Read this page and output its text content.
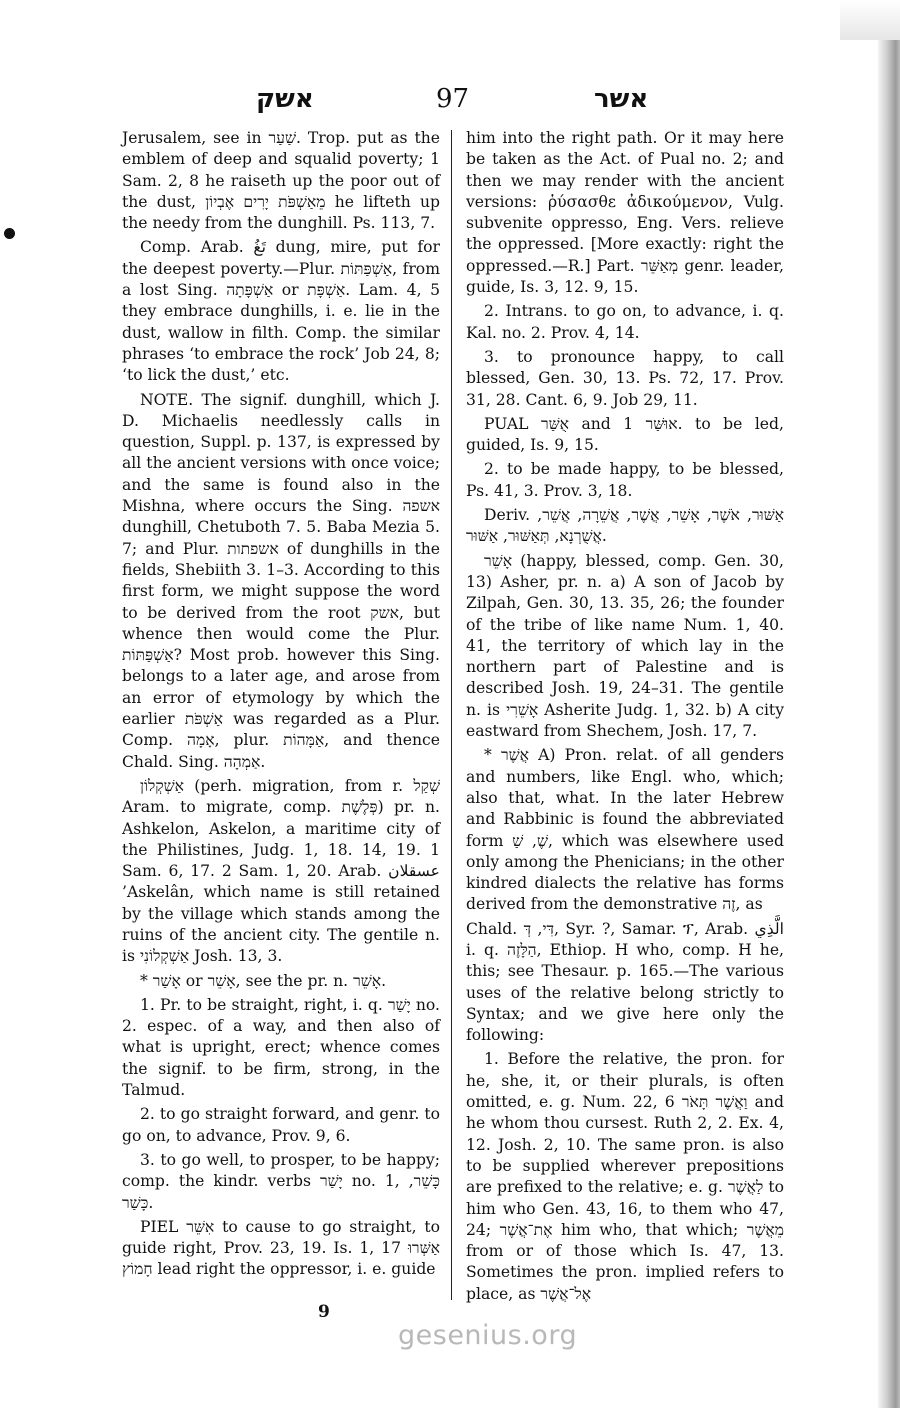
אשק	97	אשר

Jerusalem, see in שַׁעַר. Trop. put as the emblem of deep and squalid poverty; 1 Sam. 2, 8 he raiseth up the poor out of the dust, מֵאַשְׁפֹּת יָרִים אֶבְיוֹן he lifteth up the needy from the dunghill. Ps. 113, 7.

Comp. Arab. تَغُ dung, mire, put for the deepest poverty.—Plur. אַשְׁפַּתּוֹת, from a lost Sing. אַשְׁפָּתָה or אַשְׁפָּת. Lam. 4, 5 they embrace dunghills, i. e. lie in the dust, wallow in filth. Comp. the similar phrases ‘to embrace the rock’ Job 24, 8; ‘to lick the dust,’ etc.

NOTE. The signif. dunghill, which J. D. Michaelis needlessly calls in question, Suppl. p. 137, is expressed by all the ancient versions with once voice; and the same is found also in the Mishna, where occurs the Sing. אשפה dunghill, Chetuboth 7. 5. Baba Mezia 5. 7; and Plur. אשפתות of dunghills in the fields, Shebiith 3. 1–3. According to this first form, we might suppose the word to be derived from the root אשק, but whence then would come the Plur. אַשְׁפַּתּוֹת? Most prob. however this Sing. belongs to a later age, and arose from an error of etymology by which the earlier אַשְׁפֹּת was regarded as a Plur. Comp. אָמָה, plur. אַמָּהוֹת, and thence Chald. Sing. אַמְהָה.

אַשְׁקְלוֹן (perh. migration, from r. שְׁקַל Aram. to migrate, comp. פְּלֶשֶׁת) pr. n. Ashkelon, Askelon, a maritime city of the Philistines, Judg. 1, 18. 14, 19. 1 Sam. 6, 17. 2 Sam. 1, 20. Arab. عسقلان ’Askelân, which name is still retained by the village which stands among the ruins of the ancient city. The gentile n. is אַשְׁקְלוֹנִי Josh. 13, 3.

* אָשַׁר or אָשֵׁר, see the pr. n. אָשֵׁר.

1. Pr. to be straight, right, i. q. יָשַׁר no. 2. espec. of a way, and then also of what is upright, erect; whence comes the signif. to be firm, strong, in the Talmud.

2. to go straight forward, and genr. to go on, to advance, Prov. 9, 6.

3. to go well, to prosper, to be happy; comp. the kindr. verbs יָשַׁר no. 1, כָּשֵׁר, כָּשַׁר.

PIEL אִשֵּׁר to cause to go straight, to guide right, Prov. 23, 19. Is. 1, 17 אַשְּׁרוּ חָמוֹץ lead right the oppressor, i. e. guide

him into the right path. Or it may here be taken as the Act. of Pual no. 2; and then we may render with the ancient versions: ῥύσασθε ἀδικούμενον, Vulg. subvenite oppresso, Eng. Vers. relieve the oppressed. [More exactly: right the oppressed.—R.] Part. מְאַשֵּׁר genr. leader, guide, Is. 3, 12. 9, 15.

2. Intrans. to go on, to advance, i. q. Kal. no. 2. Prov. 4, 14.

3. to pronounce happy, to call blessed, Gen. 30, 13. Ps. 72, 17. Prov. 31, 28. Cant. 6, 9. Job 29, 11.

PUAL אֻשַּׁר and אוּשַּׁר 1. to be led, guided, Is. 9, 15.

2. to be made happy, to be blessed, Ps. 41, 3. Prov. 3, 18.

Deriv. אַשּׁוּר, אֹשֶׁר, אָשֵׁר, אֲשֶׁר, אֲשֵׁרָה, אֲשֵׁר, אֲשֻׁרְנָא, תְּאַשּׁוּר, אַשּׁוּר.

אָשֵׁר (happy, blessed, comp. Gen. 30, 13) Asher, pr. n. a) A son of Jacob by Zilpah, Gen. 30, 13. 35, 26; the founder of the tribe of like name Num. 1, 40. 41, the territory of which lay in the northern part of Palestine and is described Josh. 19, 24–31. The gentile n. is אָשֵׁרִי Asherite Judg. 1, 32. b) A city eastward from Shechem, Josh. 17, 7.

* אֲשֶׁר A) Pron. relat. of all genders and numbers, like Engl. who, which; also that, what. In the later Hebrew and Rabbinic is found the abbreviated form שֶׁ, שַׁ, which was elsewhere used only among the Phenicians; in the other kindred dialects the relative has forms derived from the demonstrative זֶה, as

Chald. דִּי, דְּ, Syr. ?, Samar. ፕ, Arab. الَّذِي i. q. הַלָּזֶה, Ethiop. H who, comp. H he, this; see Thesaur. p. 165.—The various uses of the relative belong strictly to Syntax; and we give here only the following:

1. Before the relative, the pron. for he, she, it, or their plurals, is often omitted, e. g. Num. 22, 6 וַאֲשֶׁר תָּאֹר and he whom thou cursest. Ruth 2, 2. Ex. 4, 12. Josh. 2, 10. The same pron. is also to be supplied wherever prepositions are prefixed to the relative; e. g. לַאֲשֶׁר to him who Gen. 43, 16, to them who 47, 24; אֶת־אֲשֶׁר him who, that which; מֵאֲשֶׁר from or of those which Is. 47, 13. Sometimes the pron. implied refers to place, as אֶל־אֲשֶׁר

9
gesenius.org
